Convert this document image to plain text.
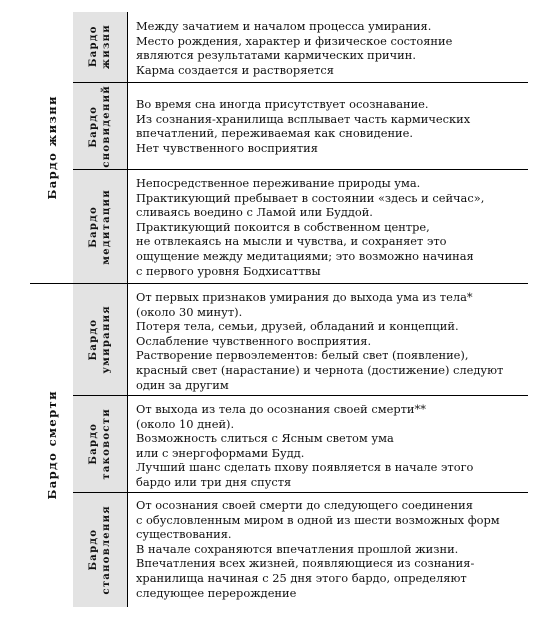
Бардо жизни
Бардо смерти
Бардо жизни Между зачатием и началом процесса умирания.

Место рождения, характер и физическое состояние

являются результатами кармических причин.

Карма создается и растворяется

Бардо сновидений Во время сна иногда присутствует осознавание.

Из сознания-хранилища всплывает часть кармических

впечатлений, переживаемая как сновидение.

Нет чувственного восприятия

Бардо медитации

Непосредственное переживание природы ума.

Практикующий пребывает в состоянии «здесь и сейчас»,

сливаясь воедино с Ламой или Буддой.

Практикующий покоится в собственном центре,

не отвлекаясь на мысли и чувства, и сохраняет это

ощущение между медитациями; это возможно начиная

с первого уровня Бодхисаттвы

Бардо умирания

От первых признаков умирания до выхода ума из тела*

(около 30 минут).

Потеря тела, семьи, друзей, обладаний и концепций.

Ослабление чувственного восприятия.

Растворение первоэлементов: белый свет (появление),

красный свет (нарастание) и чернота (достижение) следуют

один за другим

Бардо таковости От выхода из тела до осознания своей смерти**

(около 10 дней).

Возможность слиться с Ясным светом ума

или с энергоформами Будд.

Лучший шанс сделать пхову появляется в начале этого

бардо или три дня спустя

Бардо становления

От осознания своей смерти до следующего соединения

с обусловленным миром в одной из шести возможных форм

существования.

В начале сохраняются впечатления прошлой жизни.

Впечатления всех жизней, появляющиеся из сознания-

хранилища начиная с 25 дня этого бардо, определяют

следующее перерождение
